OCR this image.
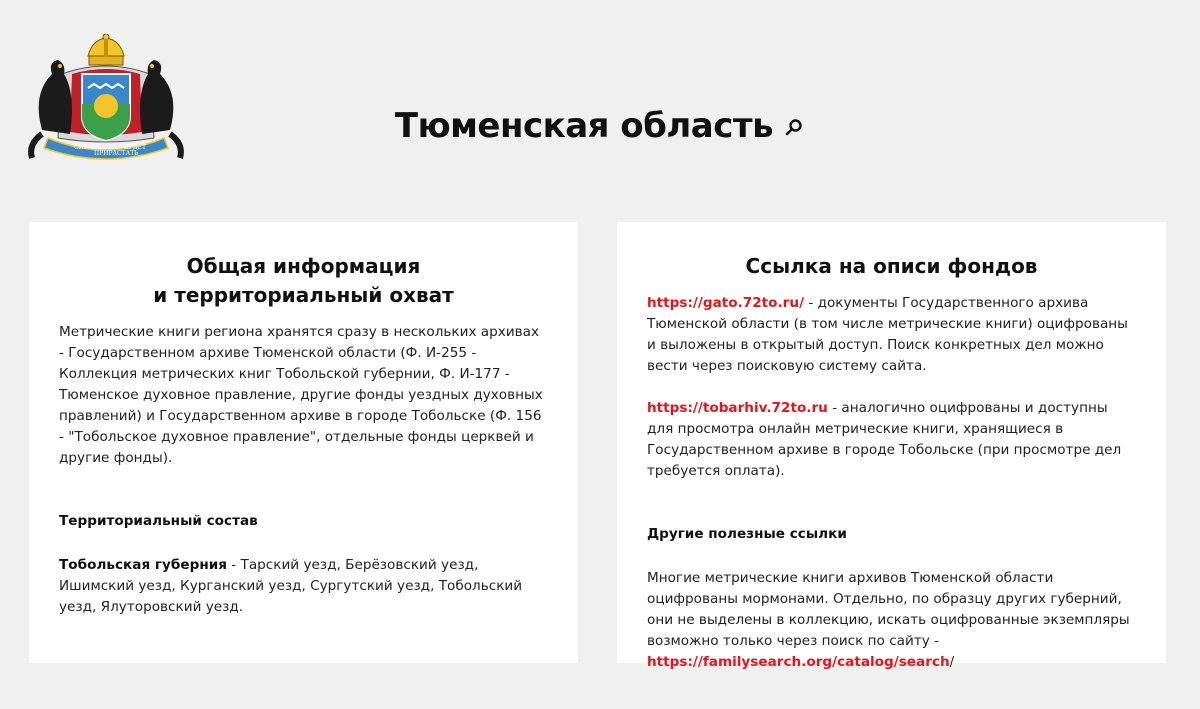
СИБИРЬ
ПРИРАСТАТЬ
БУДЕТ
Тюменская область
Общая информация
и территориальный охват

Метрические книги региона хранятся сразу в нескольких архивах - Государственном архиве Тюменской области (Ф. И-255 - Коллекция метрических книг Тобольской губернии, Ф. И-177 - Тюменское духовное правление, другие фонды уездных духовных правлений) и Государственном архиве в городе Тобольске (Ф. 156 - "Тобольское духовное правление", отдельные фонды церквей и другие фонды).

Территориальный состав

Тобольская губерния - Тарский уезд, Берёзовский уезд, Ишимский уезд, Курганский уезд, Сургутский уезд, Тобольский уезд, Ялуторовский уезд.

Ссылка на описи фондов

https://gato.72to.ru/ - документы Государственного архива Тюменской области (в том числе метрические книги) оцифрованы и выложены в открытый доступ. Поиск конкретных дел можно вести через поисковую систему сайта.

https://tobarhiv.72to.ru - аналогично оцифрованы и доступны для просмотра онлайн метрические книги, хранящиеся в Государственном архиве в городе Тобольске (при просмотре дел требуется оплата).

Другие полезные ссылки

Многие метрические книги архивов Тюменской области оцифрованы мормонами. Отдельно, по образцу других губерний, они не выделены в коллекцию, искать оцифрованные экземпляры возможно только через поиск по сайту - https://familysearch.org/catalog/search/
